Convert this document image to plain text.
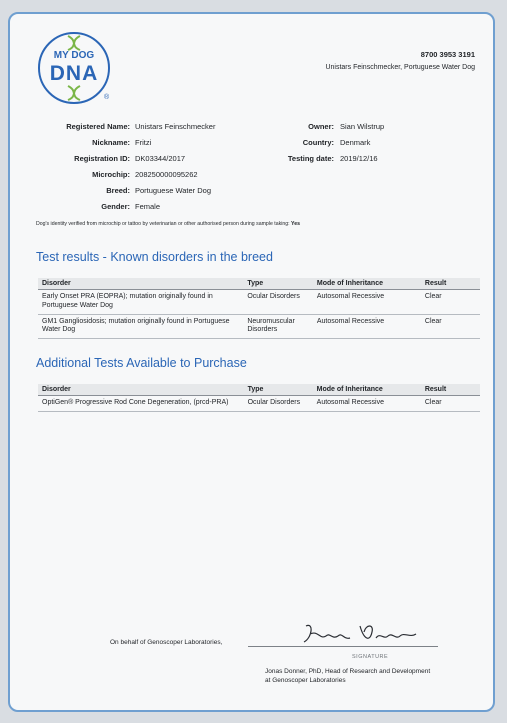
MY DOG
DNA
®
8700 3953 3191
Unistars Feinschmecker, Portuguese Water Dog
Registered Name: Unistars Feinschmecker
Nickname: Fritzi
Registration ID: DK03344/2017
Microchip: 208250000095262
Breed: Portuguese Water Dog
Gender: Female
Owner: Sian Wilstrup
Country: Denmark
Testing date: 2019/12/16
Dog's identity verified from microchip or tattoo by veterinarian or other authorised person during sample taking: Yes
Test results - Known disorders in the breed
Disorder	Type	Mode of Inheritance	Result
Early Onset PRA (EOPRA); mutation originally found in Portuguese Water Dog	Ocular Disorders	Autosomal Recessive	Clear
GM1 Gangliosidosis; mutation originally found in Portuguese Water Dog	Neuromuscular Disorders	Autosomal Recessive	Clear
Additional Tests Available to Purchase
Disorder	Type	Mode of Inheritance	Result
OptiGen® Progressive Rod Cone Degeneration, (prcd-PRA)	Ocular Disorders	Autosomal Recessive	Clear
On behalf of Genoscoper Laboratories,
SIGNATURE
Jonas Donner, PhD, Head of Research and Development
at Genoscoper Laboratories
